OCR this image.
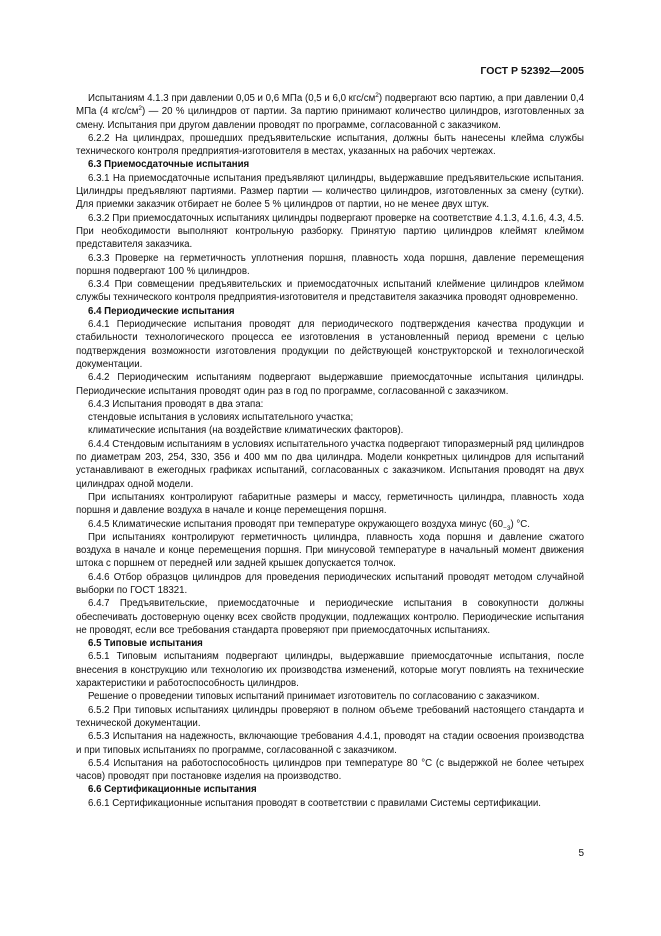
ГОСТ Р 52392—2005

Испытаниям 4.1.3 при давлении 0,05 и 0,6 МПа (0,5 и 6,0 кгс/$см^2$) подвергают всю партию, а при давлении 0,4 МПа (4 кгс/$см^2$) — 20 % цилиндров от партии. За партию принимают количество цилиндров, изготовленных за смену. Испытания при другом давлении проводят по программе, согласованной с заказчиком.

6.2.2 На цилиндрах, прошедших предъявительские испытания, должны быть нанесены клейма службы технического контроля предприятия-изготовителя в местах, указанных на рабочих чертежах.

6.3 Приемосдаточные испытания

6.3.1 На приемосдаточные испытания предъявляют цилиндры, выдержавшие предъявительские испытания. Цилиндры предъявляют партиями. Размер партии — количество цилиндров, изготовленных за смену (сутки). Для приемки заказчик отбирает не более 5 % цилиндров от партии, но не менее двух штук.

6.3.2 При приемосдаточных испытаниях цилиндры подвергают проверке на соответствие 4.1.3, 4.1.6, 4.3, 4.5. При необходимости выполняют контрольную разборку. Принятую партию цилиндров клеймят клеймом представителя заказчика.

6.3.3 Проверке на герметичность уплотнения поршня, плавность хода поршня, давление перемещения поршня подвергают 100 % цилиндров.

6.3.4 При совмещении предъявительских и приемосдаточных испытаний клеймение цилиндров клеймом службы технического контроля предприятия-изготовителя и представителя заказчика проводят одновременно.

6.4 Периодические испытания

6.4.1 Периодические испытания проводят для периодического подтверждения качества продукции и стабильности технологического процесса ее изготовления в установленный период времени с целью подтверждения возможности изготовления продукции по действующей конструкторской и технологической документации.

6.4.2 Периодическим испытаниям подвергают выдержавшие приемосдаточные испытания цилиндры. Периодические испытания проводят один раз в год по программе, согласованной с заказчиком.

6.4.3 Испытания проводят в два этапа:

стендовые испытания в условиях испытательного участка;

климатические испытания (на воздействие климатических факторов).

6.4.4 Стендовым испытаниям в условиях испытательного участка подвергают типоразмерный ряд цилиндров по диаметрам 203, 254, 330, 356 и 400 мм по два цилиндра. Модели конкретных цилиндров для испытаний устанавливают в ежегодных графиках испытаний, согласованных с заказчиком. Испытания проводят на двух цилиндрах одной модели.

При испытаниях контролируют габаритные размеры и массу, герметичность цилиндра, плавность хода поршня и давление воздуха в начале и конце перемещения поршня.

6.4.5 Климатические испытания проводят при температуре окружающего воздуха минус $(60_{-3})$ °С.

При испытаниях контролируют герметичность цилиндра, плавность хода поршня и давление сжатого воздуха в начале и конце перемещения поршня. При минусовой температуре в начальный момент движения штока с поршнем от передней или задней крышек допускается толчок.

6.4.6 Отбор образцов цилиндров для проведения периодических испытаний проводят методом случайной выборки по ГОСТ 18321.

6.4.7 Предъявительские, приемосдаточные и периодические испытания в совокупности должны обеспечивать достоверную оценку всех свойств продукции, подлежащих контролю. Периодические испытания не проводят, если все требования стандарта проверяют при приемосдаточных испытаниях.

6.5 Типовые испытания

6.5.1 Типовым испытаниям подвергают цилиндры, выдержавшие приемосдаточные испытания, после внесения в конструкцию или технологию их производства изменений, которые могут повлиять на технические характеристики и работоспособность цилиндров.

Решение о проведении типовых испытаний принимает изготовитель по согласованию с заказчиком.

6.5.2 При типовых испытаниях цилиндры проверяют в полном объеме требований настоящего стандарта и технической документации.

6.5.3 Испытания на надежность, включающие требования 4.4.1, проводят на стадии освоения производства и при типовых испытаниях по программе, согласованной с заказчиком.

6.5.4 Испытания на работоспособность цилиндров при температуре 80 °С (с выдержкой не более четырех часов) проводят при постановке изделия на производство.

6.6 Сертификационные испытания

6.6.1 Сертификационные испытания проводят в соответствии с правилами Системы сертификации.

5
